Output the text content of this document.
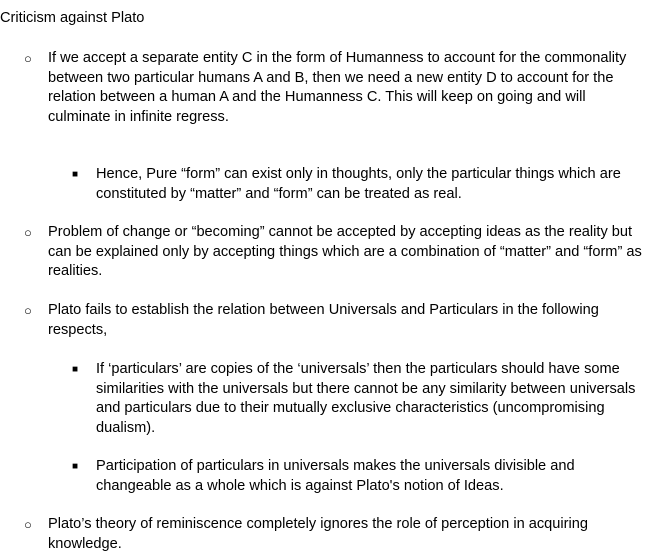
Criticism against Plato
○ If we accept a separate entity C in the form of Humanness to account for the commonality between two particular humans A and B, then we need a new entity D to account for the relation between a human A and the Humanness C. This will keep on going and will culminate in infinite regress.
■ Hence, Pure “form” can exist only in thoughts, only the particular things which are constituted by “matter” and “form” can be treated as real.
○ Problem of change or “becoming” cannot be accepted by accepting ideas as the reality but can be explained only by accepting things which are a combination of “matter” and “form” as realities.
○ Plato fails to establish the relation between Universals and Particulars in the following respects,
■ If ‘particulars’ are copies of the ‘universals’ then the particulars should have some similarities with the universals but there cannot be any similarity between universals and particulars due to their mutually exclusive characteristics (uncompromising dualism).
■ Participation of particulars in universals makes the universals divisible and changeable as a whole which is against Plato's notion of Ideas.
○ Plato’s theory of reminiscence completely ignores the role of perception in acquiring knowledge.
